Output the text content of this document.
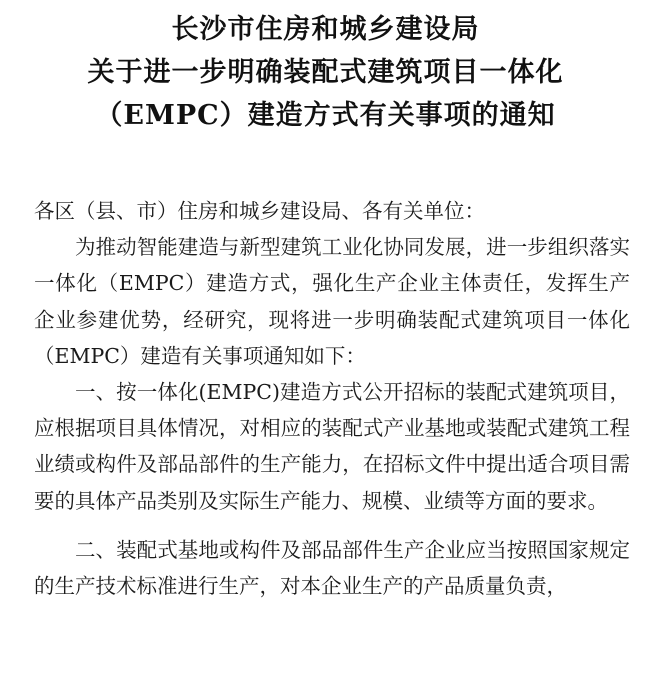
长沙市住房和城乡建设局
关于进一步明确装配式建筑项目一体化
（EMPC）建造方式有关事项的通知

各区（县、市）住房和城乡建设局、各有关单位：

为推动智能建造与新型建筑工业化协同发展，进一步组织落实一体化（EMPC）建造方式，强化生产企业主体责任，发挥生产企业参建优势，经研究，现将进一步明确装配式建筑项目一体化（EMPC）建造有关事项通知如下：

一、按一体化(EMPC)建造方式公开招标的装配式建筑项目，应根据项目具体情况，对相应的装配式产业基地或装配式建筑工程业绩或构件及部品部件的生产能力，在招标文件中提出适合项目需要的具体产品类别及实际生产能力、规模、业绩等方面的要求。

二、装配式基地或构件及部品部件生产企业应当按照国家规定的生产技术标准进行生产，对本企业生产的产品质量负责，
